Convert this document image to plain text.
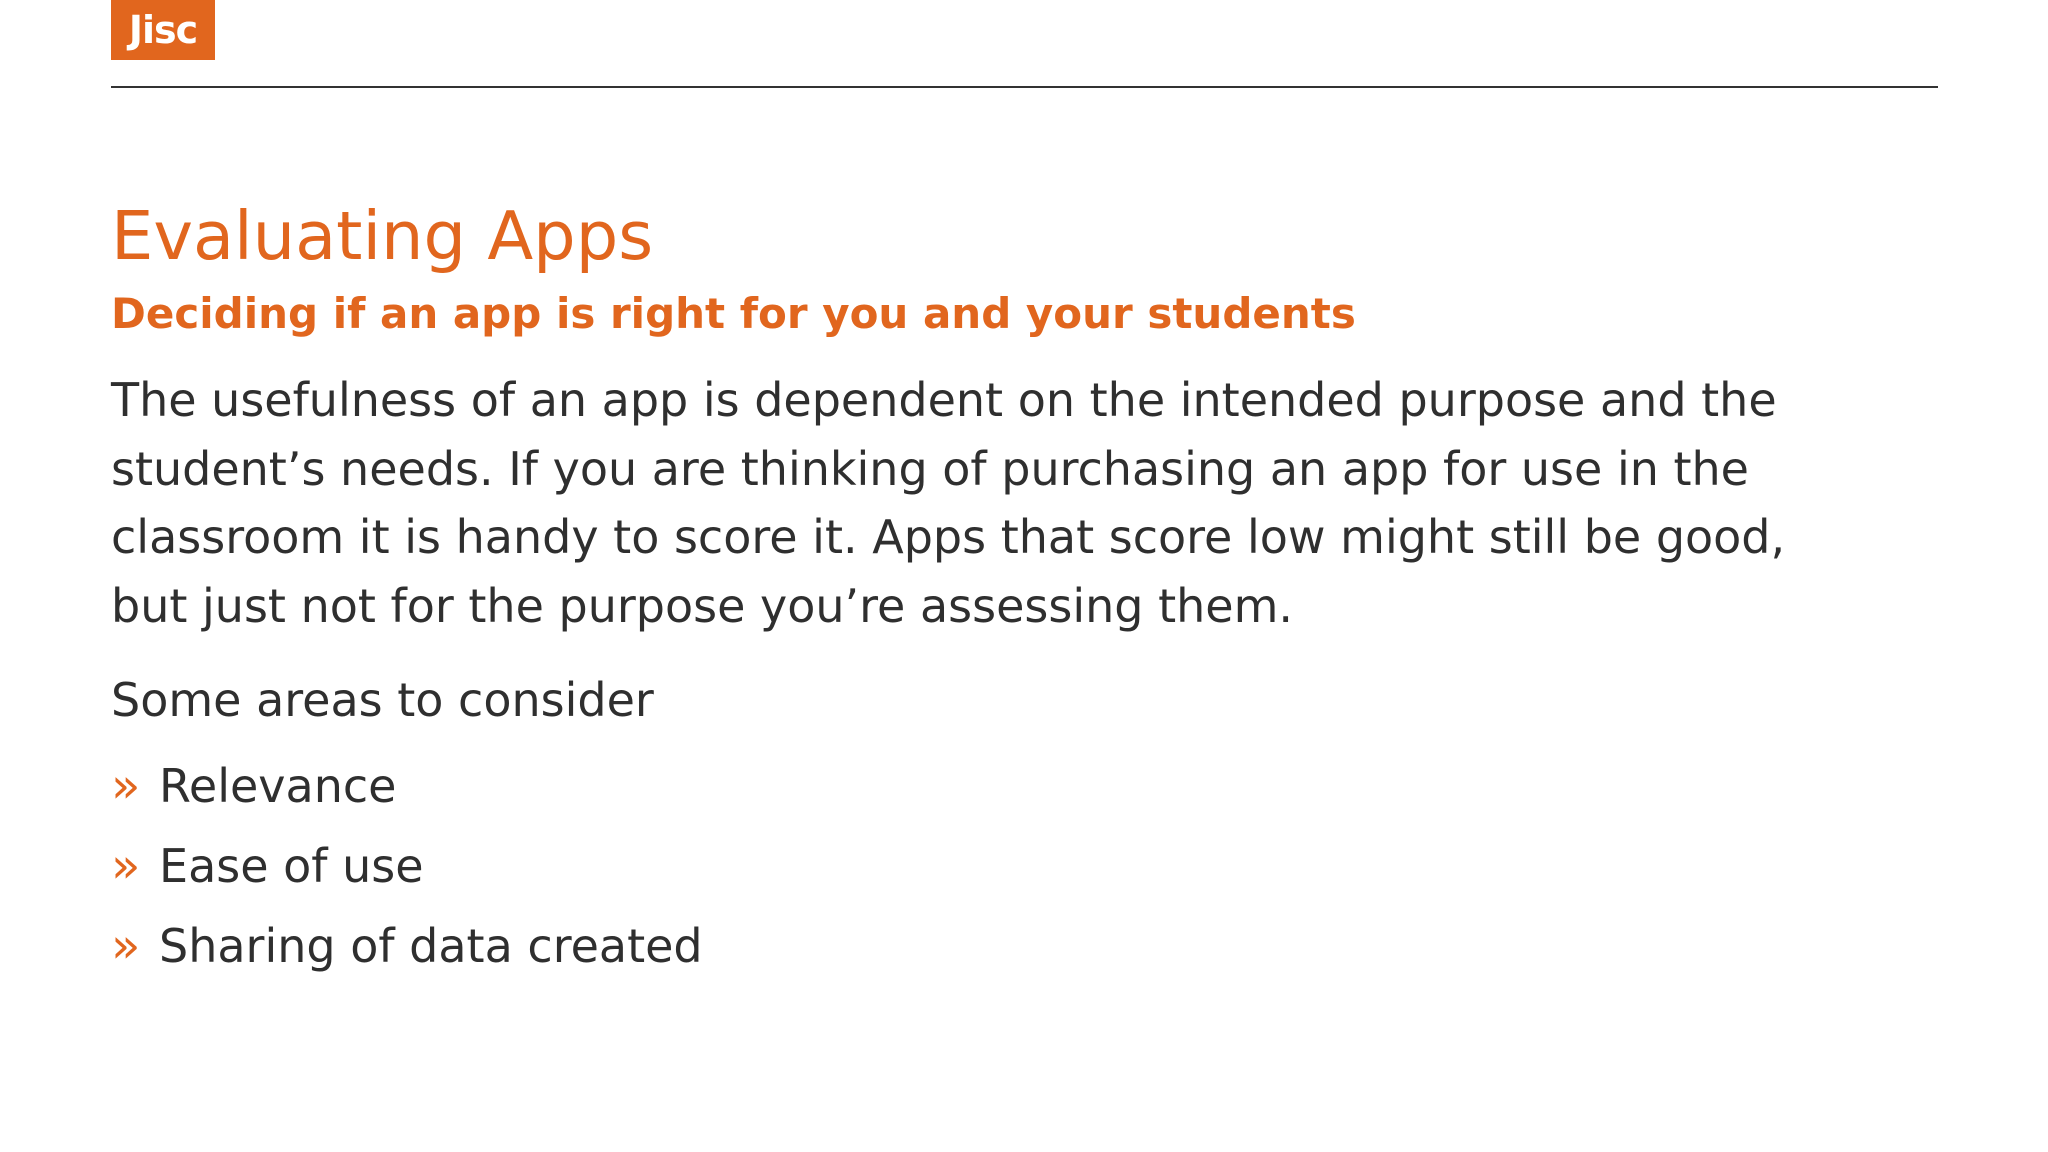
Jisc
Evaluating Apps
Deciding if an app is right for you and your students

The usefulness of an app is dependent on the intended purpose and the student’s needs. If you are thinking of purchasing an app for use in the classroom it is handy to score it. Apps that score low might still be good, but just not for the purpose you’re assessing them.

Some areas to consider

» Relevance
» Ease of use
» Sharing of data created
